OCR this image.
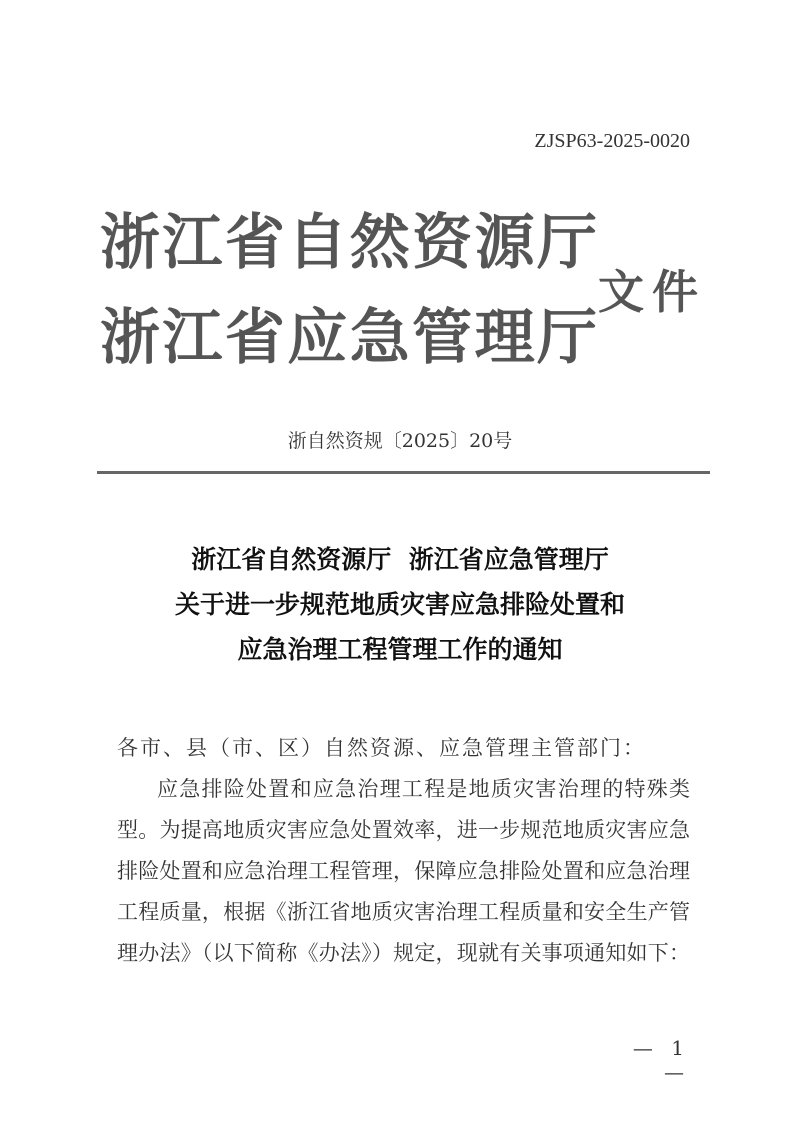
ZJSP63-2025-0020
浙江省自然资源厅
浙江省应急管理厅
文件
浙自然资规〔2025〕20号
浙江省自然资源厅  浙江省应急管理厅
关于进一步规范地质灾害应急排险处置和
应急治理工程管理工作的通知
各市、县（市、区）自然资源、应急管理主管部门：
应急排险处置和应急治理工程是地质灾害治理的特殊类
型。为提高地质灾害应急处置效率，进一步规范地质灾害应急
排险处置和应急治理工程管理，保障应急排险处置和应急治理
工程质量，根据《浙江省地质灾害治理工程质量和安全生产管
理办法》（以下简称《办法》）规定，现就有关事项通知如下：
— 1 —
